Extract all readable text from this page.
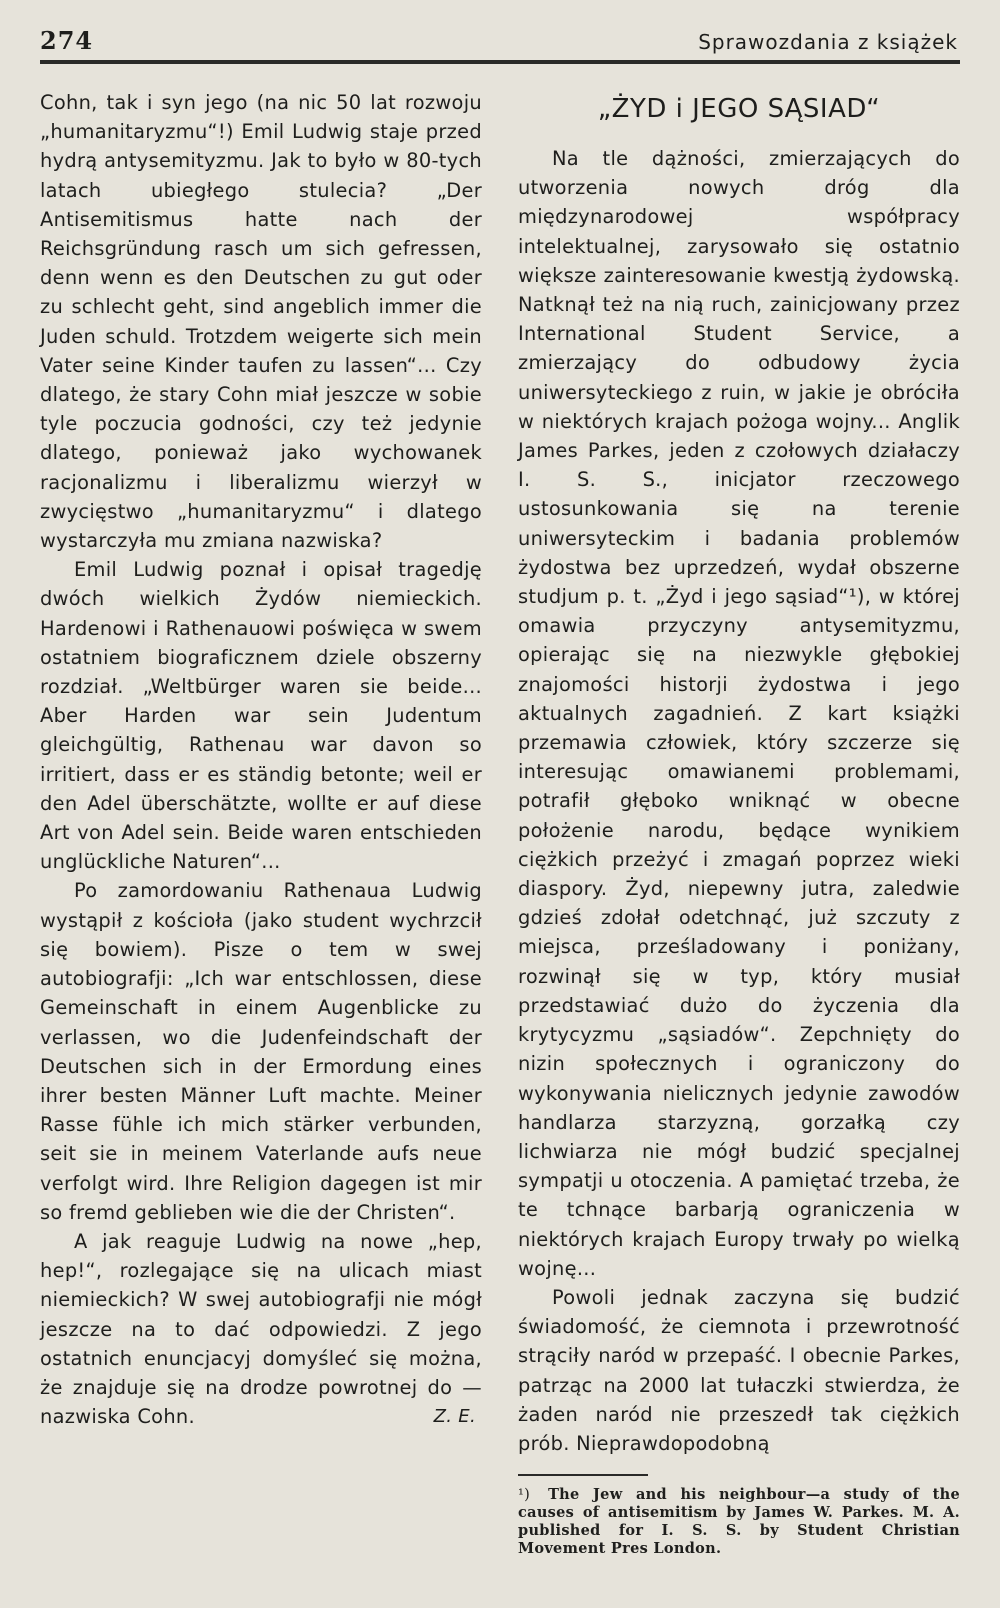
274	Sprawozdania z książek

Cohn, tak i syn jego (na nic 50 lat rozwoju „humanitaryzmu“!) Emil Ludwig staje przed hydrą antysemityzmu. Jak to było w 80-tych latach ubiegłego stulecia? „Der Antisemitismus hatte nach der Reichsgründung rasch um sich gefressen, denn wenn es den Deutschen zu gut oder zu schlecht geht, sind angeblich immer die Juden schuld. Trotzdem weigerte sich mein Vater seine Kinder taufen zu lassen“... Czy dlatego, że stary Cohn miał jeszcze w sobie tyle poczucia godności, czy też jedynie dlatego, ponieważ jako wychowanek racjonalizmu i liberalizmu wierzył w zwycięstwo „humanitaryzmu“ i dlatego wystarczyła mu zmiana nazwiska?

Emil Ludwig poznał i opisał tragedję dwóch wielkich Żydów niemieckich. Hardenowi i Rathenauowi poświęca w swem ostatniem biograficznem dziele obszerny rozdział. „Weltbürger waren sie beide... Aber Harden war sein Judentum gleichgültig, Rathenau war davon so irritiert, dass er es ständig betonte; weil er den Adel überschätzte, wollte er auf diese Art von Adel sein. Beide waren entschieden unglückliche Naturen“...

Po zamordowaniu Rathenaua Ludwig wystąpił z kościoła (jako student wychrzcił się bowiem). Pisze o tem w swej autobiografji: „Ich war entschlossen, diese Gemeinschaft in einem Augenblicke zu verlassen, wo die Judenfeindschaft der Deutschen sich in der Ermordung eines ihrer besten Männer Luft machte. Meiner Rasse fühle ich mich stärker verbunden, seit sie in meinem Vaterlande aufs neue verfolgt wird. Ihre Religion dagegen ist mir so fremd geblieben wie die der Christen“.

A jak reaguje Ludwig na nowe „hep, hep!“, rozlegające się na ulicach miast niemieckich? W swej autobiografji nie mógł jeszcze na to dać odpowiedzi. Z jego ostatnich enuncjacyj domyśleć się można, że znajduje się na drodze powrotnej do — nazwiska Cohn.	Z. E.
„ŻYD i JEGO SĄSIAD“

Na tle dążności, zmierzających do utworzenia nowych dróg dla międzynarodowej współpracy intelektualnej, zarysowało się ostatnio większe zainteresowanie kwestją żydowską. Natknął też na nią ruch, zainicjowany przez International Student Service, a zmierzający do odbudowy życia uniwersyteckiego z ruin, w jakie je obróciła w niektórych krajach pożoga wojny... Anglik James Parkes, jeden z czołowych działaczy I. S. S., inicjator rzeczowego ustosunkowania się na terenie uniwersyteckim i badania problemów żydostwa bez uprzedzeń, wydał obszerne studjum p. t. „Żyd i jego sąsiad“¹), w której omawia przyczyny antysemityzmu, opierając się na niezwykle głębokiej znajomości historji żydostwa i jego aktualnych zagadnień. Z kart książki przemawia człowiek, który szczerze się interesując omawianemi problemami, potrafił głęboko wniknąć w obecne położenie narodu, będące wynikiem ciężkich przeżyć i zmagań poprzez wieki diaspory. Żyd, niepewny jutra, zaledwie gdzieś zdołał odetchnąć, już szczuty z miejsca, prześladowany i poniżany, rozwinął się w typ, który musiał przedstawiać dużo do życzenia dla krytycyzmu „sąsiadów“. Zepchnięty do nizin społecznych i ograniczony do wykonywania nielicznych jedynie zawodów handlarza starzyzną, gorzałką czy lichwiarza nie mógł budzić specjalnej sympatji u otoczenia. A pamiętać trzeba, że te tchnące barbarją ograniczenia w niektórych krajach Europy trwały po wielką wojnę...

Powoli jednak zaczyna się budzić świadomość, że ciemnota i przewrotność strąciły naród w przepaść. I obecnie Parkes, patrząc na 2000 lat tułaczki stwierdza, że żaden naród nie przeszedł tak ciężkich prób. Nieprawdopodobną

¹) The Jew and his neighbour—a study of the causes of antisemitism by James W. Parkes. M. A. published for I. S. S. by Student Christian Movement Pres London.
